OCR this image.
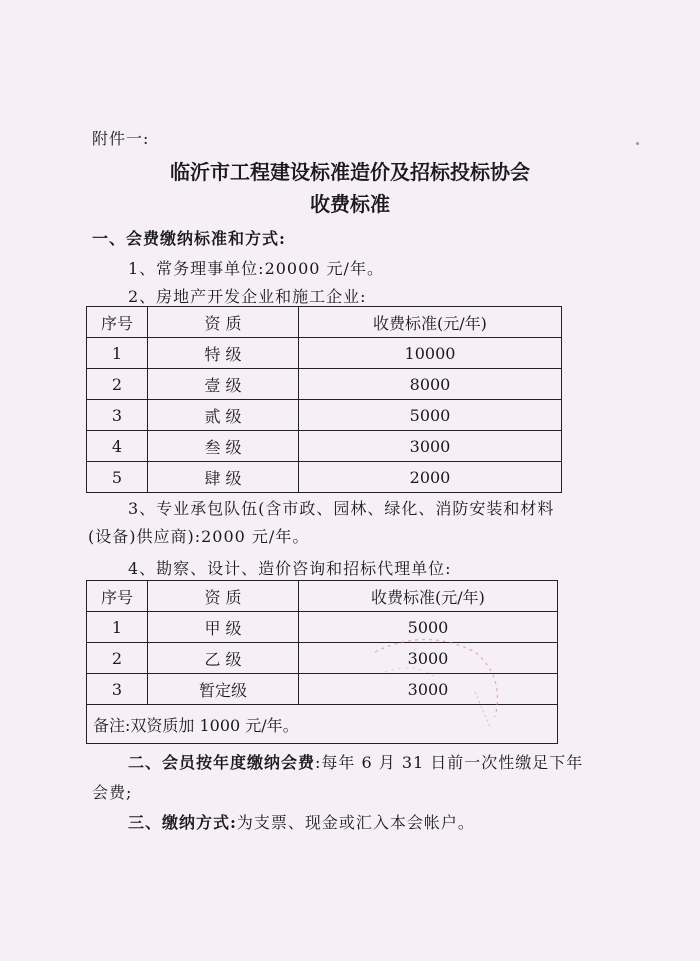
附件一:
临沂市工程建设标准造价及招标投标协会
收费标准
一、会费缴纳标准和方式:
1、常务理事单位:20000 元/年。
2、房地产开发企业和施工企业:
序号	资 质	收费标准(元/年)
1	特 级	10000
2	壹 级	8000
3	贰 级	5000
4	叁 级	3000
5	肆 级	2000
3、专业承包队伍(含市政、园林、绿化、消防安装和材料
(设备)供应商):2000 元/年。
4、勘察、设计、造价咨询和招标代理单位:
序号	资 质	收费标准(元/年)
1	甲 级	5000
2	乙 级	3000
3	暂定级	3000
备注:双资质加 1000 元/年。		
二、会员按年度缴纳会费:每年 6 月 31 日前一次性缴足下年
会费;
三、缴纳方式:为支票、现金或汇入本会帐户。
